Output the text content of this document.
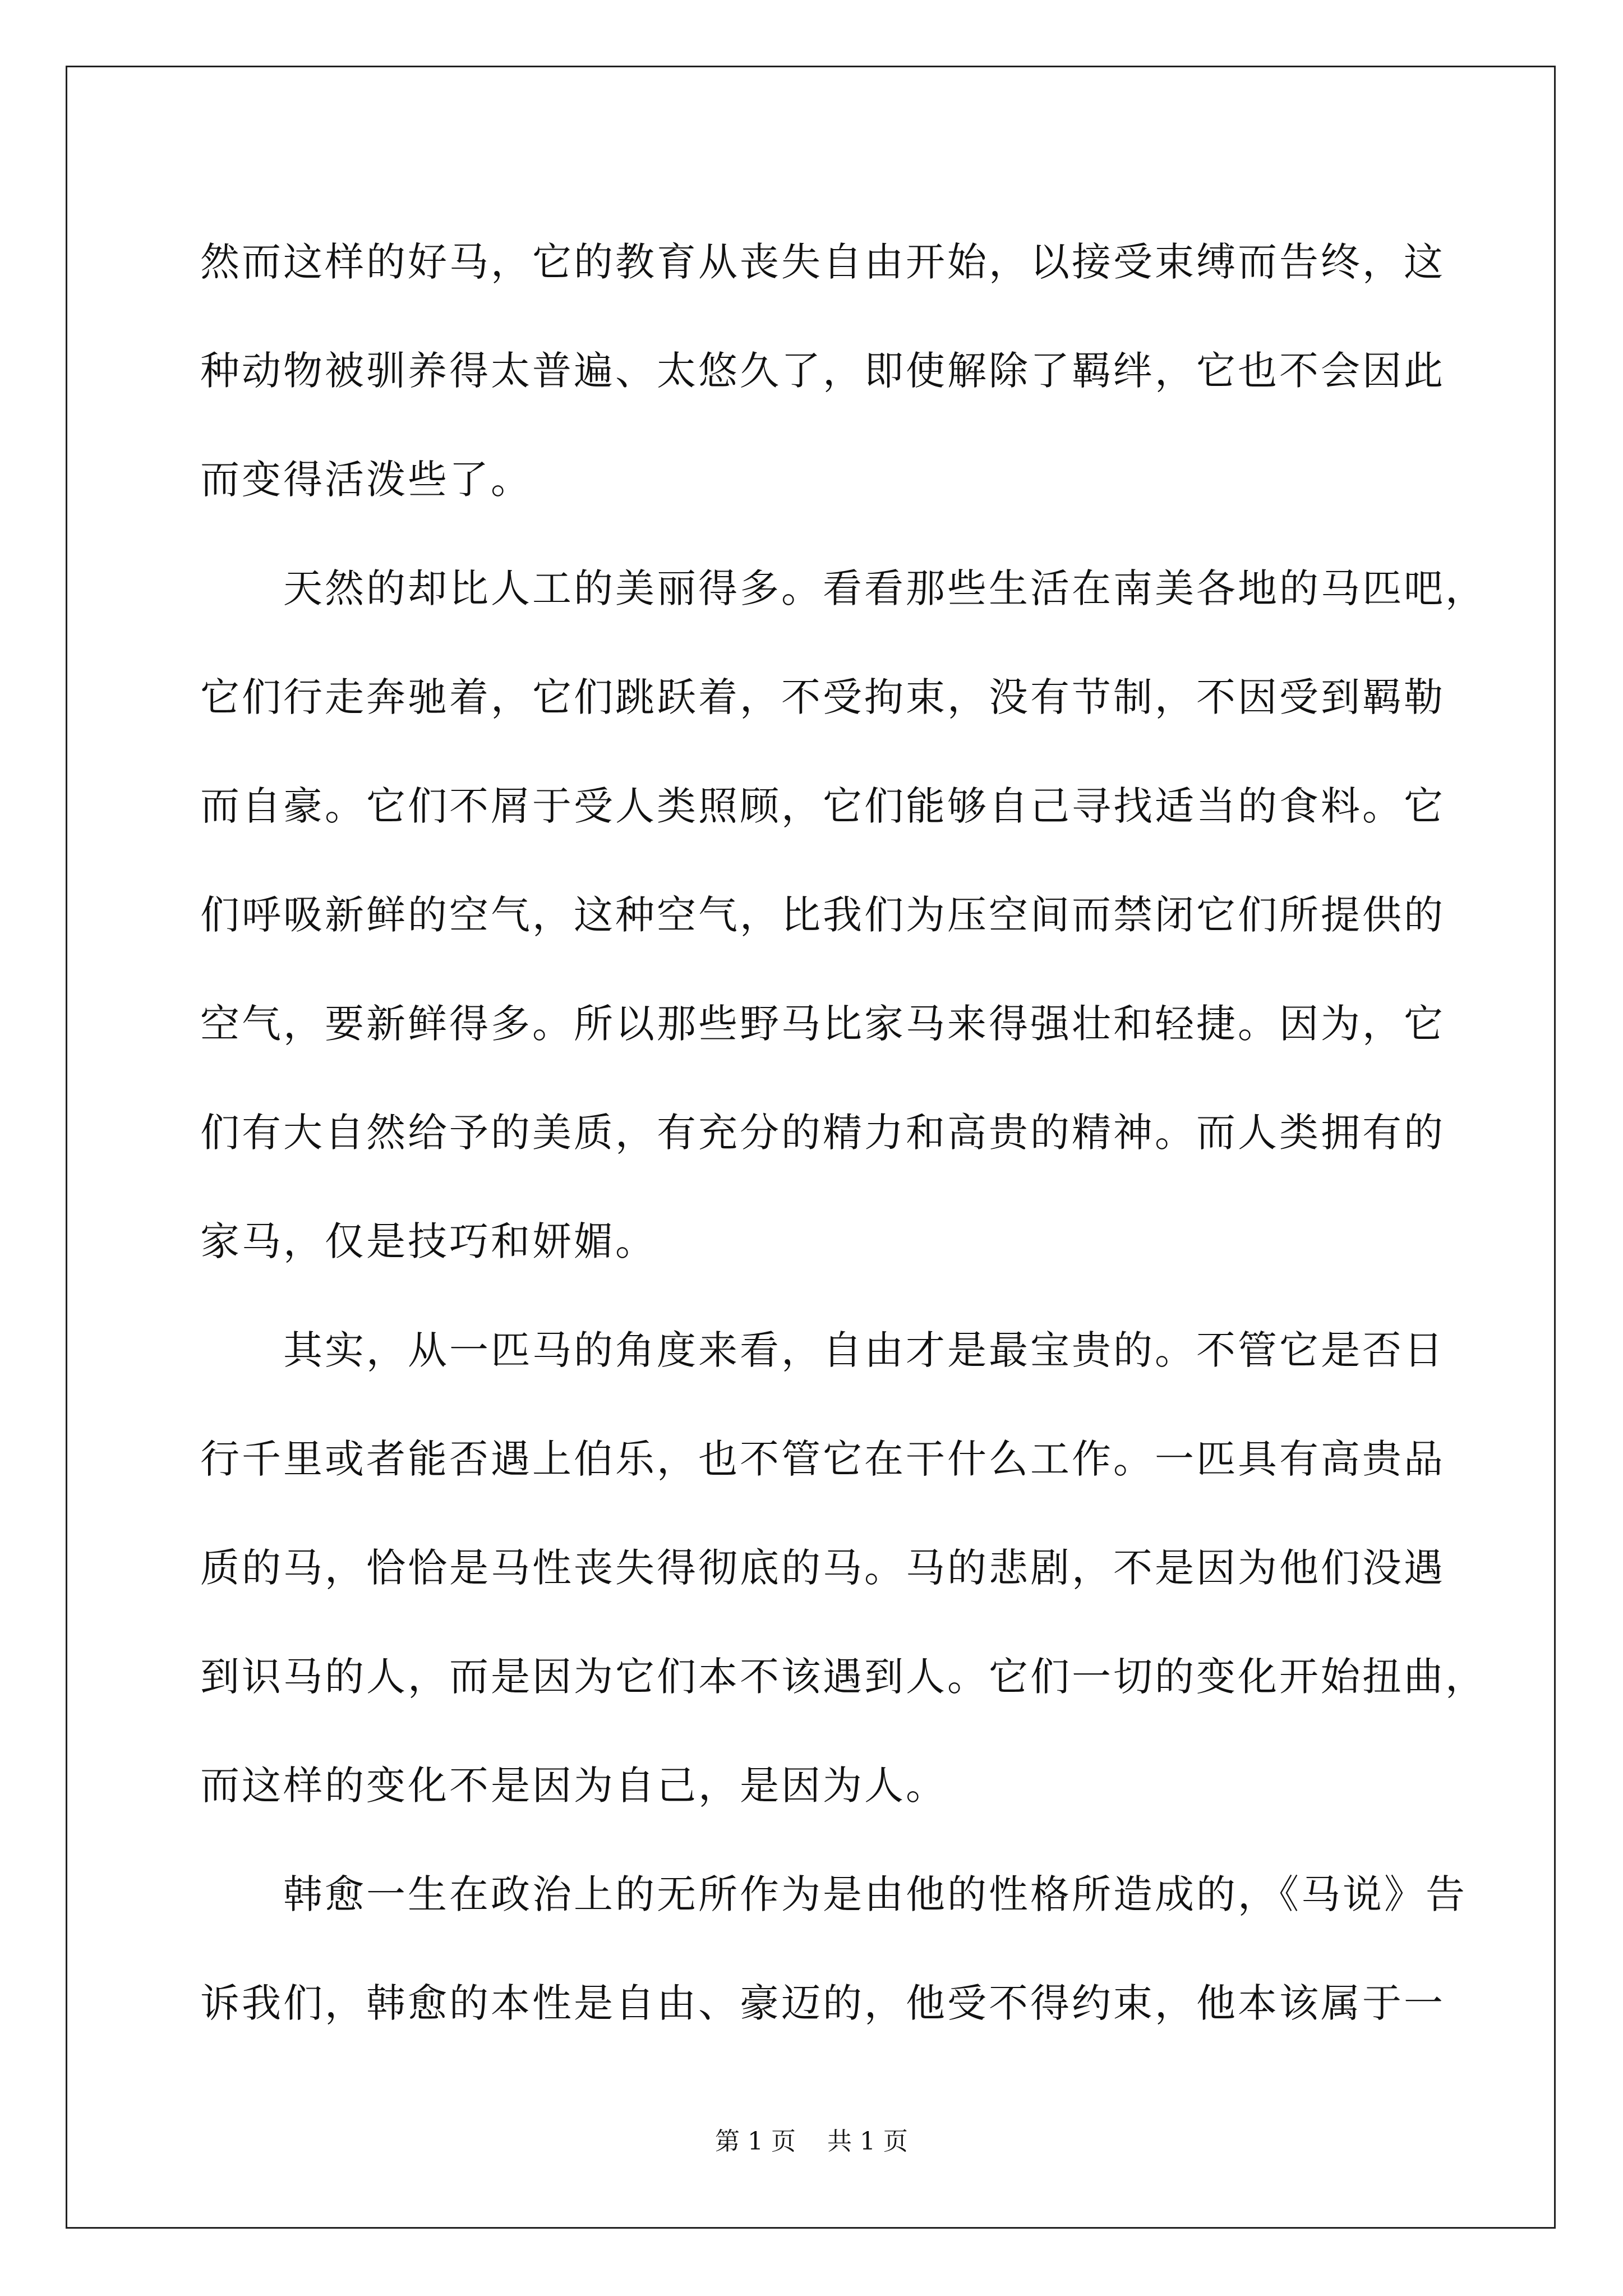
然而这样的好马，它的教育从丧失自由开始，以接受束缚而告终，这
种动物被驯养得太普遍、太悠久了，即使解除了羁绊，它也不会因此
而变得活泼些了。
天然的却比人工的美丽得多。看看那些生活在南美各地的马匹吧，
它们行走奔驰着，它们跳跃着，不受拘束，没有节制，不因受到羁勒
而自豪。它们不屑于受人类照顾，它们能够自己寻找适当的食料。它
们呼吸新鲜的空气，这种空气，比我们为压空间而禁闭它们所提供的
空气，要新鲜得多。所以那些野马比家马来得强壮和轻捷。因为，它
们有大自然给予的美质，有充分的精力和高贵的精神。而人类拥有的
家马，仅是技巧和妍媚。
其实，从一匹马的角度来看，自由才是最宝贵的。不管它是否日
行千里或者能否遇上伯乐，也不管它在干什么工作。一匹具有高贵品
质的马，恰恰是马性丧失得彻底的马。马的悲剧，不是因为他们没遇
到识马的人，而是因为它们本不该遇到人。它们一切的变化开始扭曲，
而这样的变化不是因为自己，是因为人。
韩愈一生在政治上的无所作为是由他的性格所造成的，《马说》告
诉我们，韩愈的本性是自由、豪迈的，他受不得约束，他本该属于一
第 1 页    共 1 页
